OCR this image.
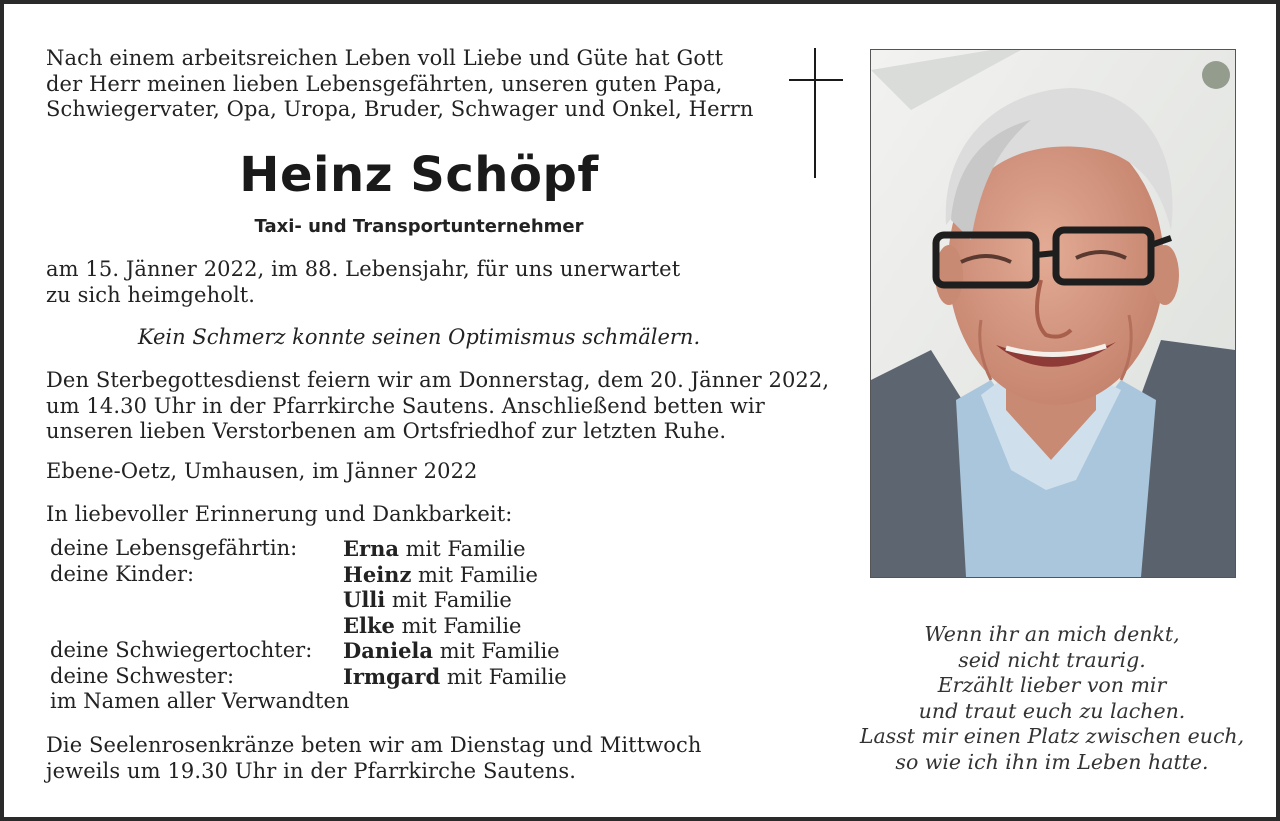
Nach einem arbeitsreichen Leben voll Liebe und Güte hat Gott
der Herr meinen lieben Lebensgefährten, unseren guten Papa,
Schwiegervater, Opa, Uropa, Bruder, Schwager und Onkel, Herrn
Heinz Schöpf
Taxi- und Transportunternehmer
am 15. Jänner 2022, im 88. Lebensjahr, für uns unerwartet
zu sich heimgeholt.
Kein Schmerz konnte seinen Optimismus schmälern.
Den Sterbegottesdienst feiern wir am Donnerstag, dem 20. Jänner 2022,
um 14.30 Uhr in der Pfarrkirche Sautens. Anschließend betten wir
unseren lieben Verstorbenen am Ortsfriedhof zur letzten Ruhe.
Ebene-Oetz, Umhausen, im Jänner 2022
In liebevoller Erinnerung und Dankbarkeit:
deine Lebensgefährtin: Erna mit Familie
deine Kinder:	Heinz mit Familie
Ulli mit Familie
Elke mit Familie
deine Schwiegertochter: Daniela mit Familie
deine Schwester:	Irmgard mit Familie
im Namen aller Verwandten
Die Seelenrosenkränze beten wir am Dienstag und Mittwoch
jeweils um 19.30 Uhr in der Pfarrkirche Sautens.
Wenn ihr an mich denkt,
seid nicht traurig.
Erzählt lieber von mir
und traut euch zu lachen.
Lasst mir einen Platz zwischen euch,
so wie ich ihn im Leben hatte.
